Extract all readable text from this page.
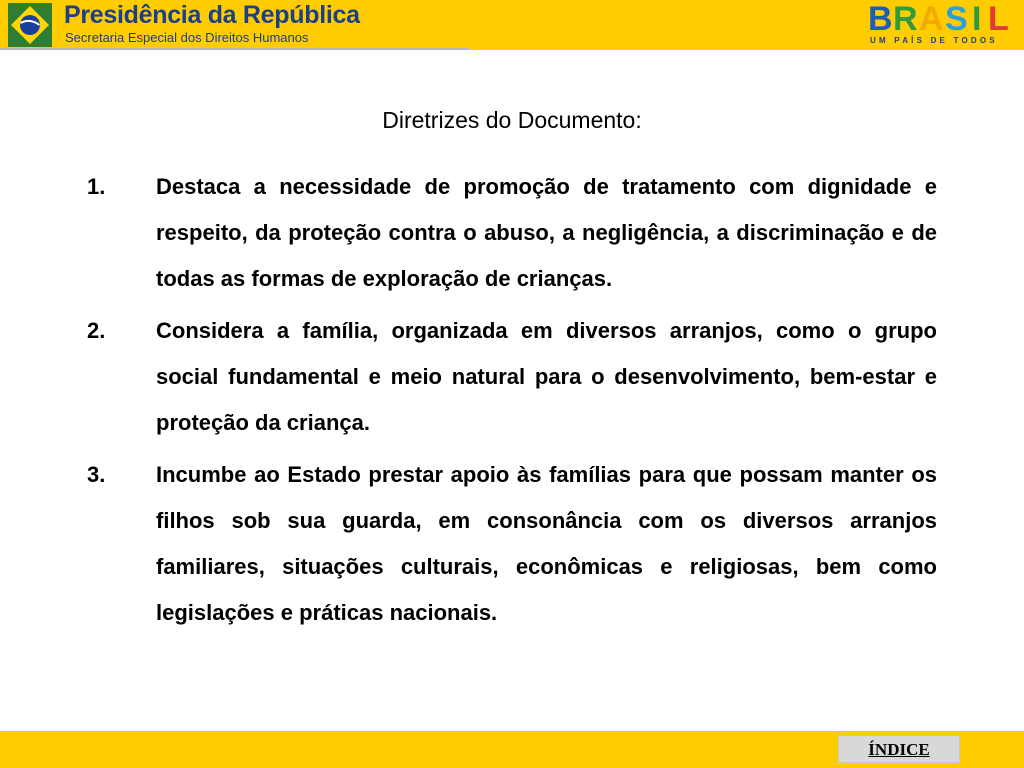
Presidência da República
Secretaria Especial dos Direitos Humanos	B R A S I L
UM PAÍS DE TODOS
Diretrizes do Documento:
1.	Destaca a necessidade de promoção de tratamento com dignidade e respeito, da proteção contra o abuso, a negligência, a discriminação e de todas as formas de exploração de crianças.
2.	Considera a família, organizada em diversos arranjos, como o grupo social fundamental e meio natural para o desenvolvimento, bem-estar e proteção da criança.
3.	Incumbe ao Estado prestar apoio às famílias para que possam manter os filhos sob sua guarda, em consonância com os diversos arranjos familiares, situações culturais, econômicas e religiosas, bem como legislações e práticas nacionais.
ÍNDICE
